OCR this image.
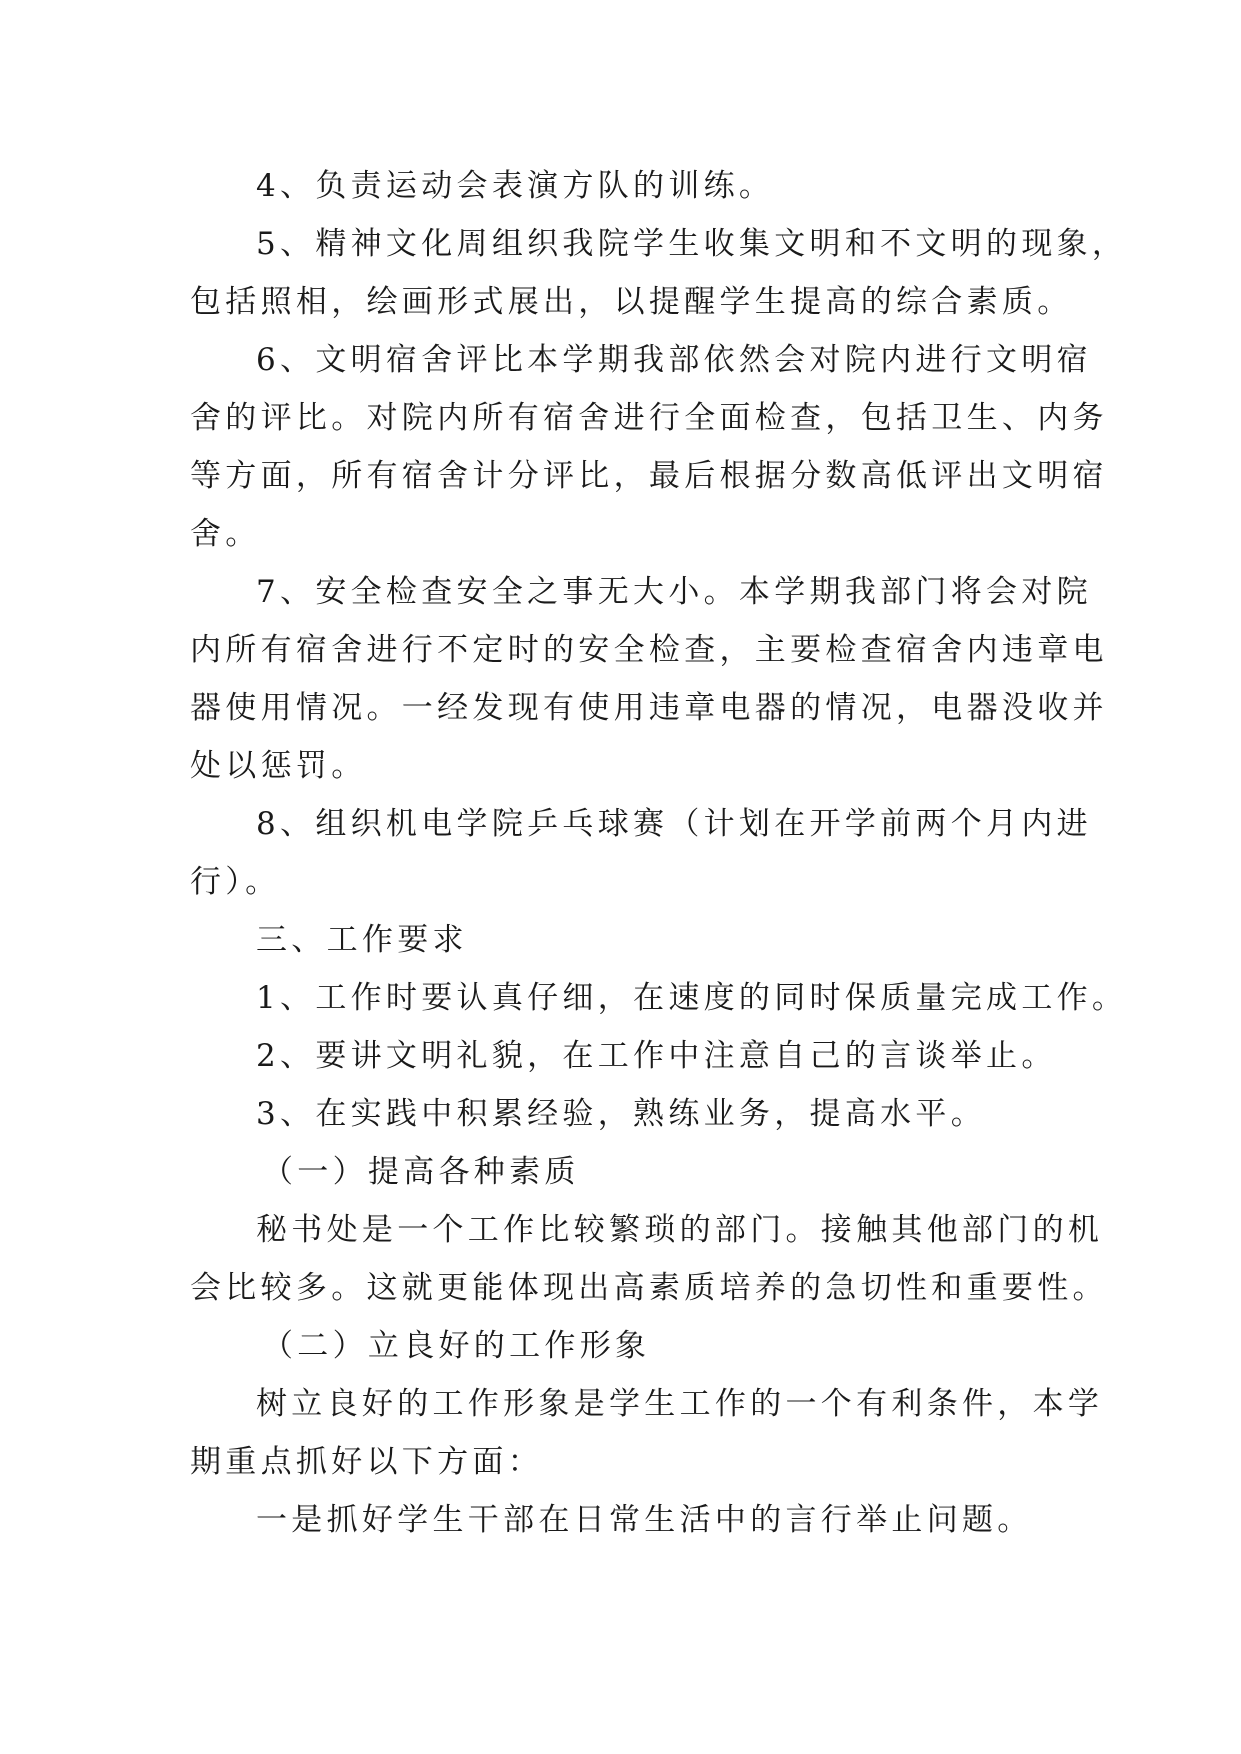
4、负责运动会表演方队的训练。

5、精神文化周组织我院学生收集文明和不文明的现象，

包括照相，绘画形式展出，以提醒学生提高的综合素质。

6、文明宿舍评比本学期我部依然会对院内进行文明宿

舍的评比。对院内所有宿舍进行全面检查，包括卫生、内务

等方面，所有宿舍计分评比，最后根据分数高低评出文明宿

舍。

7、安全检查安全之事无大小。本学期我部门将会对院

内所有宿舍进行不定时的安全检查，主要检查宿舍内违章电

器使用情况。一经发现有使用违章电器的情况，电器没收并

处以惩罚。

8、组织机电学院乒乓球赛（计划在开学前两个月内进

行）。

三、工作要求

1、工作时要认真仔细，在速度的同时保质量完成工作。

2、要讲文明礼貌，在工作中注意自己的言谈举止。

3、在实践中积累经验，熟练业务，提高水平。

（一）提高各种素质

秘书处是一个工作比较繁琐的部门。接触其他部门的机

会比较多。这就更能体现出高素质培养的急切性和重要性。

（二）立良好的工作形象

树立良好的工作形象是学生工作的一个有利条件，本学

期重点抓好以下方面：

一是抓好学生干部在日常生活中的言行举止问题。
